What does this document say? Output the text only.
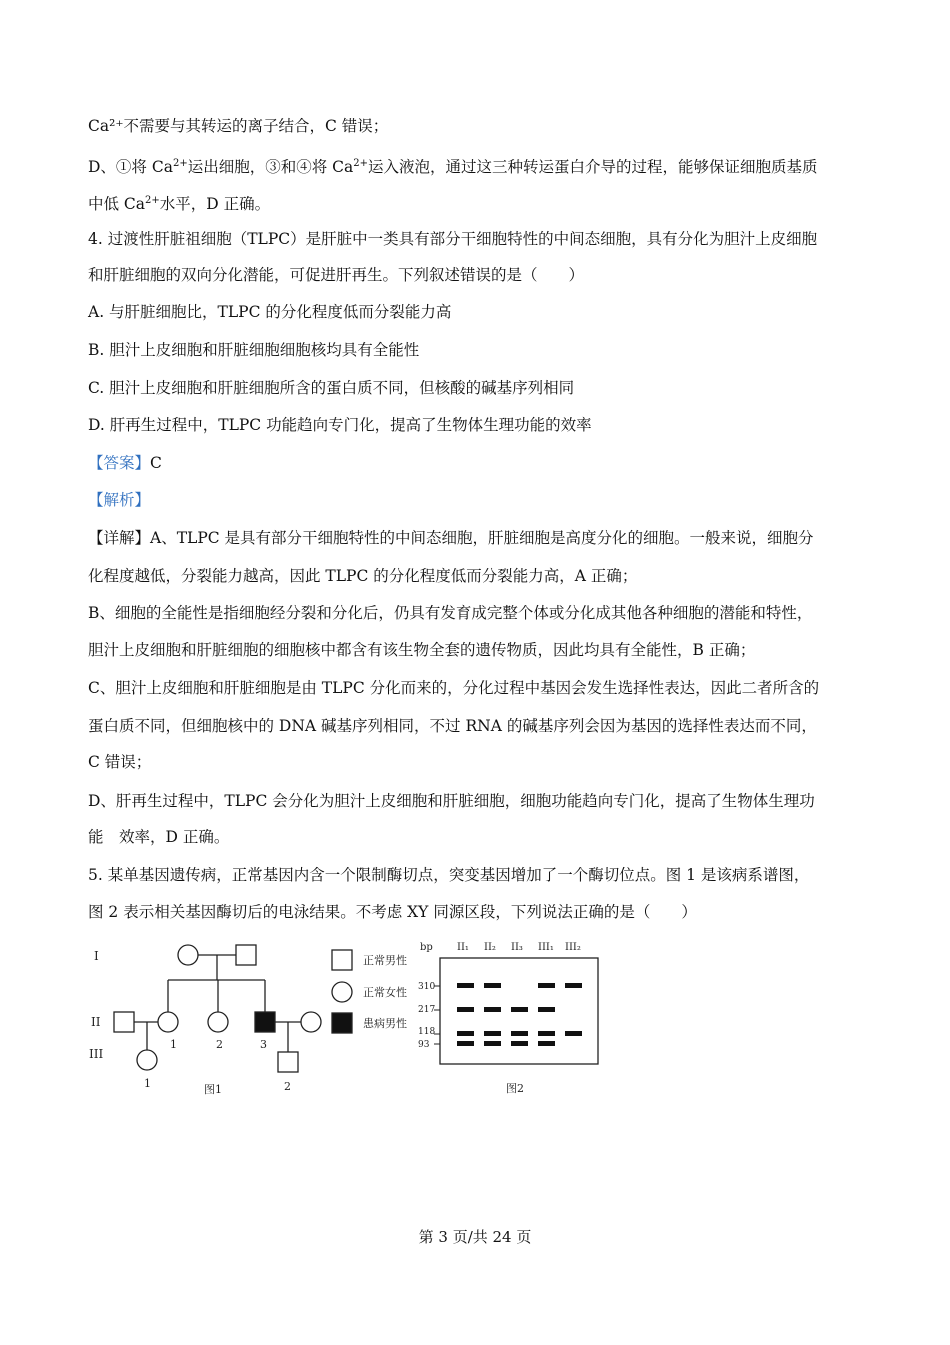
Ca²⁺不需要与其转运的离子结合，C 错误；
D、①将 $Ca^{2+}$运出细胞，③和④将 $Ca^{2+}$运入液泡，通过这三种转运蛋白介导的过程，能够保证细胞质基质
中低 $Ca^{2+}$水平，D 正确。
4. 过渡性肝脏祖细胞（TLPC）是肝脏中一类具有部分干细胞特性的中间态细胞，具有分化为胆汁上皮细胞
和肝脏细胞的双向分化潜能，可促进肝再生。下列叙述错误的是（　　）
A. 与肝脏细胞比，TLPC 的分化程度低而分裂能力高
B. 胆汁上皮细胞和肝脏细胞细胞核均具有全能性
C. 胆汁上皮细胞和肝脏细胞所含的蛋白质不同，但核酸的碱基序列相同
D. 肝再生过程中，TLPC 功能趋向专门化，提高了生物体生理功能的效率
【答案】C
【解析】
【详解】A、TLPC 是具有部分干细胞特性的中间态细胞，肝脏细胞是高度分化的细胞。一般来说，细胞分
化程度越低，分裂能力越高，因此 TLPC 的分化程度低而分裂能力高，A 正确；
B、细胞的全能性是指细胞经分裂和分化后，仍具有发育成完整个体或分化成其他各种细胞的潜能和特性，
胆汁上皮细胞和肝脏细胞的细胞核中都含有该生物全套的遗传物质，因此均具有全能性，B 正确；
C、胆汁上皮细胞和肝脏细胞是由 TLPC 分化而来的，分化过程中基因会发生选择性表达，因此二者所含的
蛋白质不同，但细胞核中的 DNA 碱基序列相同，不过 RNA 的碱基序列会因为基因的选择性表达而不同，
C 错误；
D、肝再生过程中，TLPC 会分化为胆汁上皮细胞和肝脏细胞，细胞功能趋向专门化，提高了生物体生理功
能　效率，D 正确。
5. 某单基因遗传病，正常基因内含一个限制酶切点，突变基因增加了一个酶切位点。图 1 是该病系谱图，
图 2 表示相关基因酶切后的电泳结果。不考虑 XY 同源区段，下列说法正确的是（　　）
I
II
III
1	2	3
1	2
图1
正常男性
正常女性
患病男性
bp
图2
II₁ II₂ II₃ III₁ III₂
310
217
118
93
第 3 页/共 24 页
